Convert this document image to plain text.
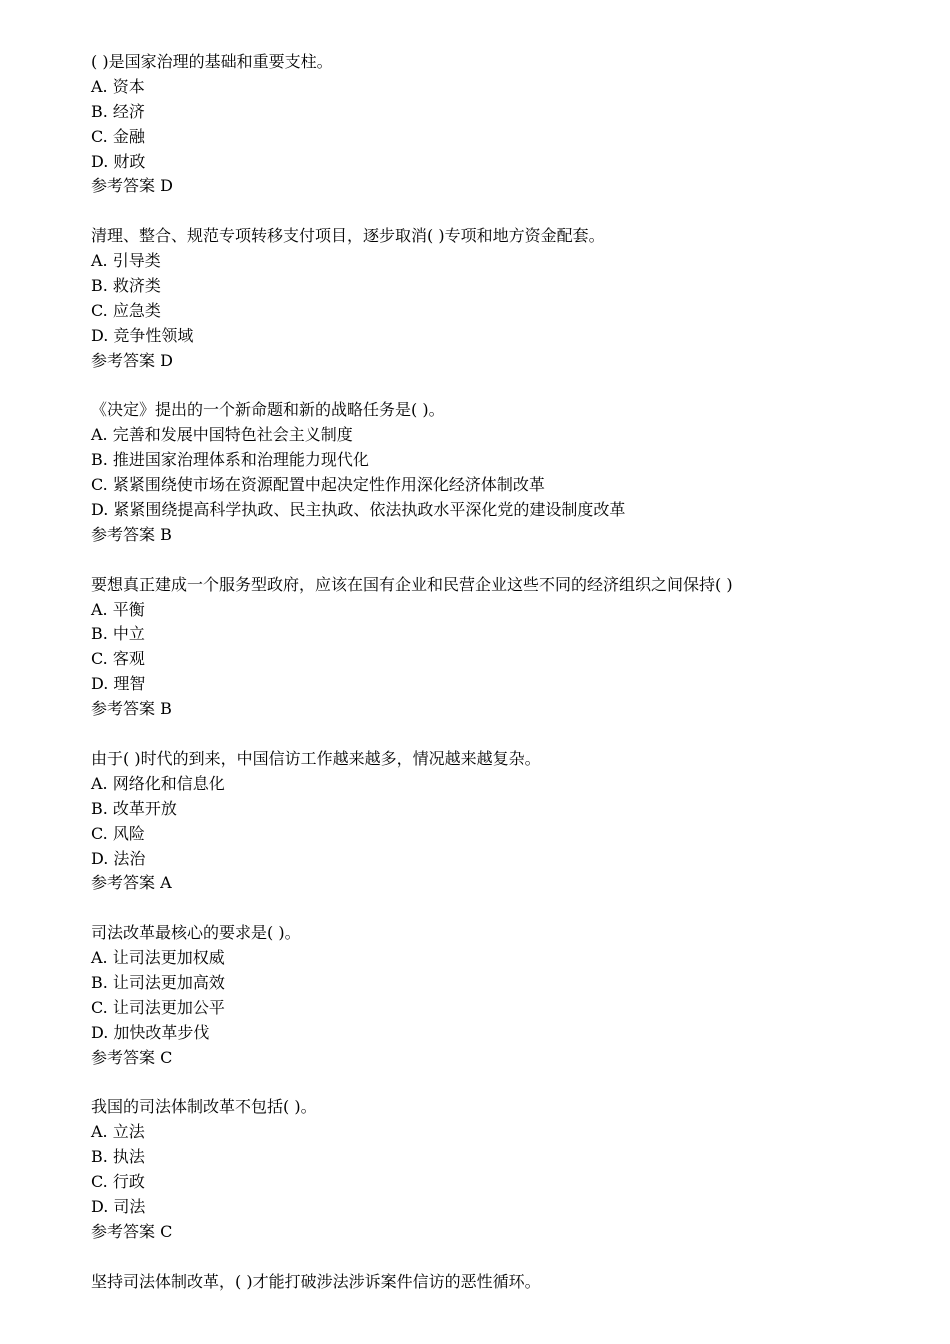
( )是国家治理的基础和重要支柱。
A. 资本
B. 经济
C. 金融
D. 财政
参考答案 D
清理、整合、规范专项转移支付项目，逐步取消( )专项和地方资金配套。
A. 引导类
B. 救济类
C. 应急类
D. 竞争性领域
参考答案 D
《决定》提出的一个新命题和新的战略任务是( )。
A. 完善和发展中国特色社会主义制度
B. 推进国家治理体系和治理能力现代化
C. 紧紧围绕使市场在资源配置中起决定性作用深化经济体制改革
D. 紧紧围绕提高科学执政、民主执政、依法执政水平深化党的建设制度改革
参考答案 B
要想真正建成一个服务型政府，应该在国有企业和民营企业这些不同的经济组织之间保持( )
A. 平衡
B. 中立
C. 客观
D. 理智
参考答案 B
由于( )时代的到来，中国信访工作越来越多，情况越来越复杂。
A. 网络化和信息化
B. 改革开放
C. 风险
D. 法治
参考答案 A
司法改革最核心的要求是( )。
A. 让司法更加权威
B. 让司法更加高效
C. 让司法更加公平
D. 加快改革步伐
参考答案 C
我国的司法体制改革不包括( )。
A. 立法
B. 执法
C. 行政
D. 司法
参考答案 C
坚持司法体制改革，( )才能打破涉法涉诉案件信访的恶性循环。
